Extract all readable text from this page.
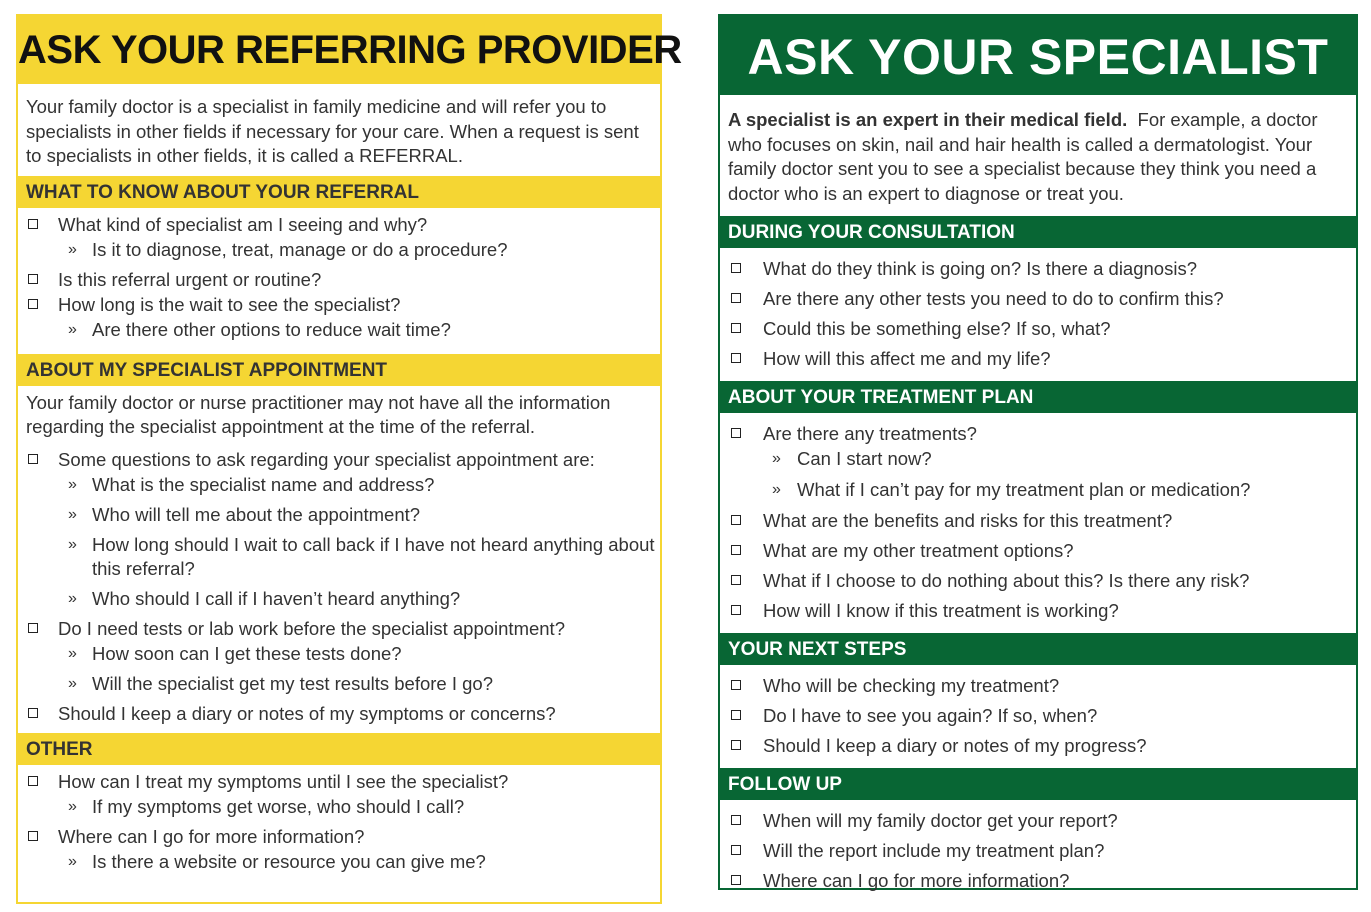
ASK YOUR REFERRING PROVIDER
Your family doctor is a specialist in family medicine and will refer you to specialists in other fields if necessary for your care. When a request is sent to specialists in other fields, it is called a REFERRAL.
WHAT TO KNOW ABOUT YOUR REFERRAL
What kind of specialist am I seeing and why?
» Is it to diagnose, treat, manage or do a procedure?
Is this referral urgent or routine?
How long is the wait to see the specialist?
» Are there other options to reduce wait time?
ABOUT MY SPECIALIST APPOINTMENT
Your family doctor or nurse practitioner may not have all the information regarding the specialist appointment at the time of the referral.
Some questions to ask regarding your specialist appointment are:
» What is the specialist name and address?
» Who will tell me about the appointment?
» How long should I wait to call back if I have not heard anything about this referral?
» Who should I call if I haven’t heard anything?
Do I need tests or lab work before the specialist appointment?
» How soon can I get these tests done?
» Will the specialist get my test results before I go?
Should I keep a diary or notes of my symptoms or concerns?
OTHER
How can I treat my symptoms until I see the specialist?
» If my symptoms get worse, who should I call?
Where can I go for more information?
» Is there a website or resource you can give me?
ASK YOUR SPECIALIST
A specialist is an expert in their medical field. For example, a doctor who focuses on skin, nail and hair health is called a dermatologist. Your family doctor sent you to see a specialist because they think you need a doctor who is an expert to diagnose or treat you.
DURING YOUR CONSULTATION
What do they think is going on? Is there a diagnosis?
Are there any other tests you need to do to confirm this?
Could this be something else? If so, what?
How will this affect me and my life?
ABOUT YOUR TREATMENT PLAN
Are there any treatments?
» Can I start now?
» What if I can’t pay for my treatment plan or medication?
What are the benefits and risks for this treatment?
What are my other treatment options?
What if I choose to do nothing about this? Is there any risk?
How will I know if this treatment is working?
YOUR NEXT STEPS
Who will be checking my treatment?
Do l have to see you again? If so, when?
Should I keep a diary or notes of my progress?
FOLLOW UP
When will my family doctor get your report?
Will the report include my treatment plan?
Where can I go for more information?
